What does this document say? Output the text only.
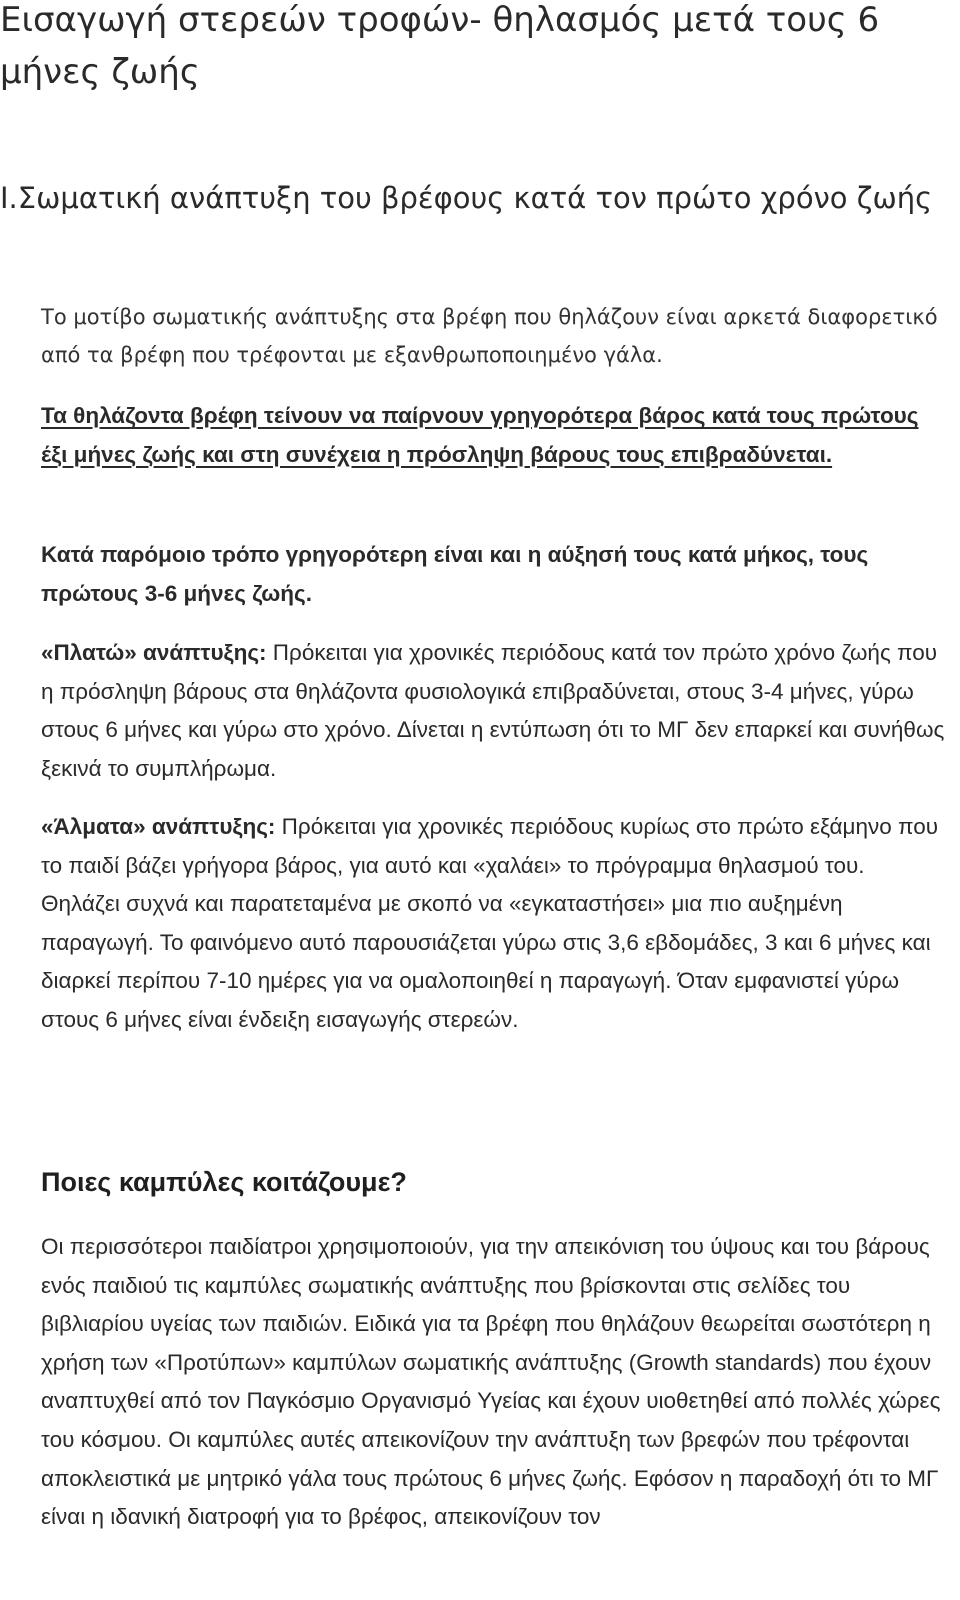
Εισαγωγή στερεών τροφών- θηλασμός μετά τους 6 μήνες ζωής
I.Σωματική ανάπτυξη του βρέφους κατά τον πρώτο χρόνο ζωής

Το μοτίβο σωματικής ανάπτυξης στα βρέφη που θηλάζουν είναι αρκετά διαφορετικό από τα βρέφη που τρέφονται με εξανθρωποποιημένο γάλα.

Τα θηλάζοντα βρέφη τείνουν να παίρνουν γρηγορότερα βάρος κατά τους πρώτους έξι μήνες ζωής και στη συνέχεια η πρόσληψη βάρους τους επιβραδύνεται.

Κατά παρόμοιο τρόπο γρηγορότερη είναι και η αύξησή τους κατά μήκος, τους πρώτους 3-6 μήνες ζωής.

«Πλατώ» ανάπτυξης: Πρόκειται για χρονικές περιόδους κατά τον πρώτο χρόνο ζωής που η πρόσληψη βάρους στα θηλάζοντα φυσιολογικά επιβραδύνεται, στους 3-4 μήνες, γύρω στους 6 μήνες και γύρω στο χρόνο. Δίνεται η εντύπωση ότι το ΜΓ δεν επαρκεί και συνήθως ξεκινά το συμπλήρωμα.

«Άλματα» ανάπτυξης: Πρόκειται για χρονικές περιόδους κυρίως στο πρώτο εξάμηνο που το παιδί βάζει γρήγορα βάρος, για αυτό και «χαλάει» το πρόγραμμα θηλασμού του. Θηλάζει συχνά και παρατεταμένα με σκοπό να «εγκαταστήσει» μια πιο αυξημένη παραγωγή. Το φαινόμενο αυτό παρουσιάζεται γύρω στις 3,6 εβδομάδες, 3 και 6 μήνες και διαρκεί περίπου 7-10 ημέρες για να ομαλοποιηθεί η παραγωγή. Όταν εμφανιστεί γύρω στους 6 μήνες είναι ένδειξη εισαγωγής στερεών.

Ποιες καμπύλες κοιτάζουμε?

Οι περισσότεροι παιδίατροι χρησιμοποιούν, για την απεικόνιση του ύψους και του βάρους ενός παιδιού τις καμπύλες σωματικής ανάπτυξης που βρίσκονται στις σελίδες του βιβλιαρίου υγείας των παιδιών. Ειδικά για τα βρέφη που θηλάζουν θεωρείται σωστότερη η χρήση των «Προτύπων» καμπύλων σωματικής ανάπτυξης (Growth standards) που έχουν αναπτυχθεί από τον Παγκόσμιο Οργανισμό Υγείας και έχουν υιοθετηθεί από πολλές χώρες του κόσμου. Οι καμπύλες αυτές απεικονίζουν την ανάπτυξη των βρεφών που τρέφονται αποκλειστικά με μητρικό γάλα τους πρώτους 6 μήνες ζωής. Εφόσον η παραδοχή ότι το ΜΓ είναι η ιδανική διατροφή για το βρέφος, απεικονίζουν τον
